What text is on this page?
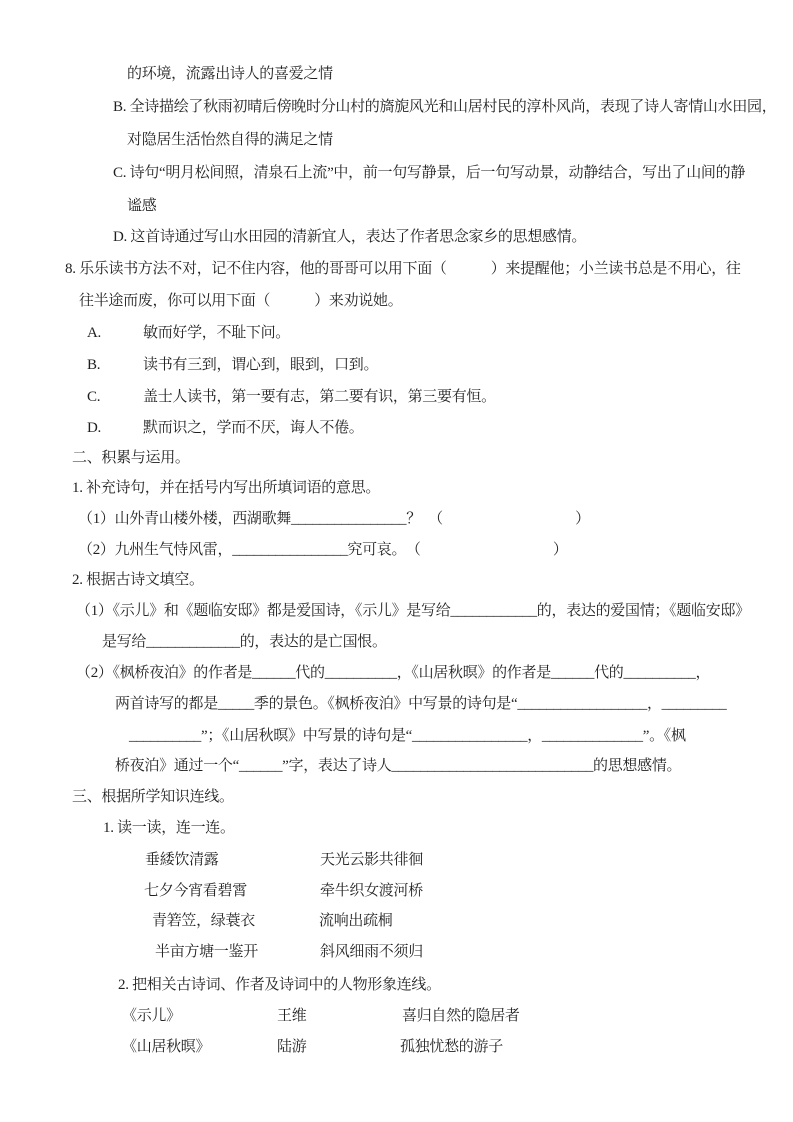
的环境，流露出诗人的喜爱之情
B. 全诗描绘了秋雨初晴后傍晚时分山村的旖旎风光和山居村民的淳朴风尚，表现了诗人寄情山水田园，
对隐居生活怡然自得的满足之情
C. 诗句“明月松间照，清泉石上流”中，前一句写静景，后一句写动景，动静结合，写出了山间的静
谧感
D. 这首诗通过写山水田园的清新宜人，表达了作者思念家乡的思想感情。
8. 乐乐读书方法不对，记不住内容，他的哥哥可以用下面（　　　）来提醒他；小兰读书总是不用心，往
往半途而废，你可以用下面（　　　）来劝说她。
A.	敏而好学，不耻下问。
B.	读书有三到，谓心到，眼到，口到。
C.	盖士人读书，第一要有志，第二要有识，第三要有恒。
D.	默而识之，学而不厌，诲人不倦。
二、积累与运用。
1. 补充诗句，并在括号内写出所填词语的意思。
（1）山外青山楼外楼，西湖歌舞________________？　（　　　　　　　　　）
（2）九州生气恃风雷，________________究可哀。　（　　　　　　　　　）
2. 根据古诗文填空。
（1）《示儿》和《题临安邸》都是爱国诗，《示儿》是写给____________的，表达的爱国情；《题临安邸》
是写给_____________的，表达的是亡国恨。
（2）《枫桥夜泊》的作者是______代的__________，《山居秋暝》的作者是______代的__________，
两首诗写的都是_____季的景色。《枫桥夜泊》中写景的诗句是“__________________，_________
__________”；《山居秋暝》中写景的诗句是“________________，______________”。《枫
桥夜泊》通过一个“______”字，表达了诗人____________________________的思想感情。
三、根据所学知识连线。
1. 读一读，连一连。
垂緌饮清露	天光云影共徘徊
七夕今宵看碧霄	牵牛织女渡河桥
青箬笠，绿蓑衣	流响出疏桐
半亩方塘一鉴开	斜风细雨不须归
2. 把相关古诗词、作者及诗词中的人物形象连线。
《示儿》	王维	喜归自然的隐居者
《山居秋暝》	陆游	孤独忧愁的游子
